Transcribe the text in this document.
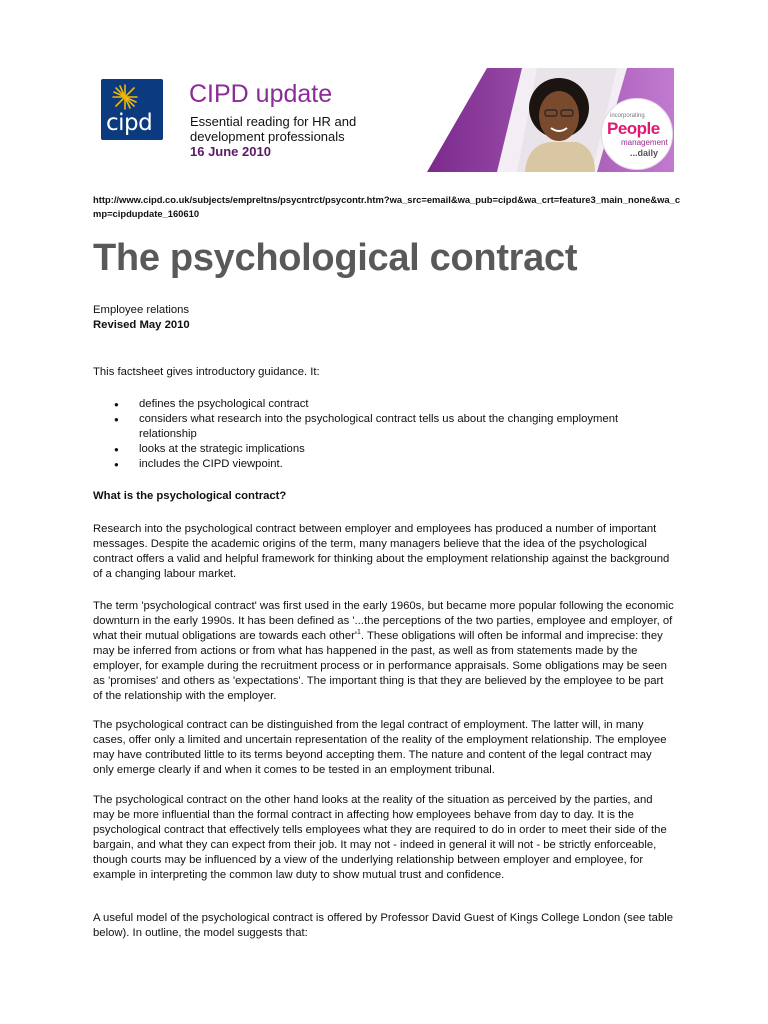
cipd
CIPD update
Essential reading for HR and development professionals
16 June 2010
incorporating
People
management
...daily
http://www.cipd.co.uk/subjects/empreltns/psycntrct/psycontr.htm?wa_src=email&wa_pub=cipd&wa_crt=feature3_main_none&wa_cmp=cipdupdate_160610
The psychological contract
Employee relations
Revised May 2010
This factsheet gives introductory guidance. It:
● defines the psychological contract
● considers what research into the psychological contract tells us about the changing employment relationship
● looks at the strategic implications
● includes the CIPD viewpoint.
What is the psychological contract?

Research into the psychological contract between employer and employees has produced a number of important messages. Despite the academic origins of the term, many managers believe that the idea of the psychological contract offers a valid and helpful framework for thinking about the employment relationship against the background of a changing labour market.

The term 'psychological contract' was first used in the early 1960s, but became more popular following the economic downturn in the early 1990s. It has been defined as '...the perceptions of the two parties, employee and employer, of what their mutual obligations are towards each $other'^1$. These obligations will often be informal and imprecise: they may be inferred from actions or from what has happened in the past, as well as from statements made by the employer, for example during the recruitment process or in performance appraisals. Some obligations may be seen as 'promises' and others as 'expectations'. The important thing is that they are believed by the employee to be part of the relationship with the employer.

The psychological contract can be distinguished from the legal contract of employment. The latter will, in many cases, offer only a limited and uncertain representation of the reality of the employment relationship. The employee may have contributed little to its terms beyond accepting them. The nature and content of the legal contract may only emerge clearly if and when it comes to be tested in an employment tribunal.

The psychological contract on the other hand looks at the reality of the situation as perceived by the parties, and may be more influential than the formal contract in affecting how employees behave from day to day. It is the psychological contract that effectively tells employees what they are required to do in order to meet their side of the bargain, and what they can expect from their job. It may not - indeed in general it will not - be strictly enforceable, though courts may be influenced by a view of the underlying relationship between employer and employee, for example in interpreting the common law duty to show mutual trust and confidence.

A useful model of the psychological contract is offered by Professor David Guest of Kings College London (see table below). In outline, the model suggests that:
